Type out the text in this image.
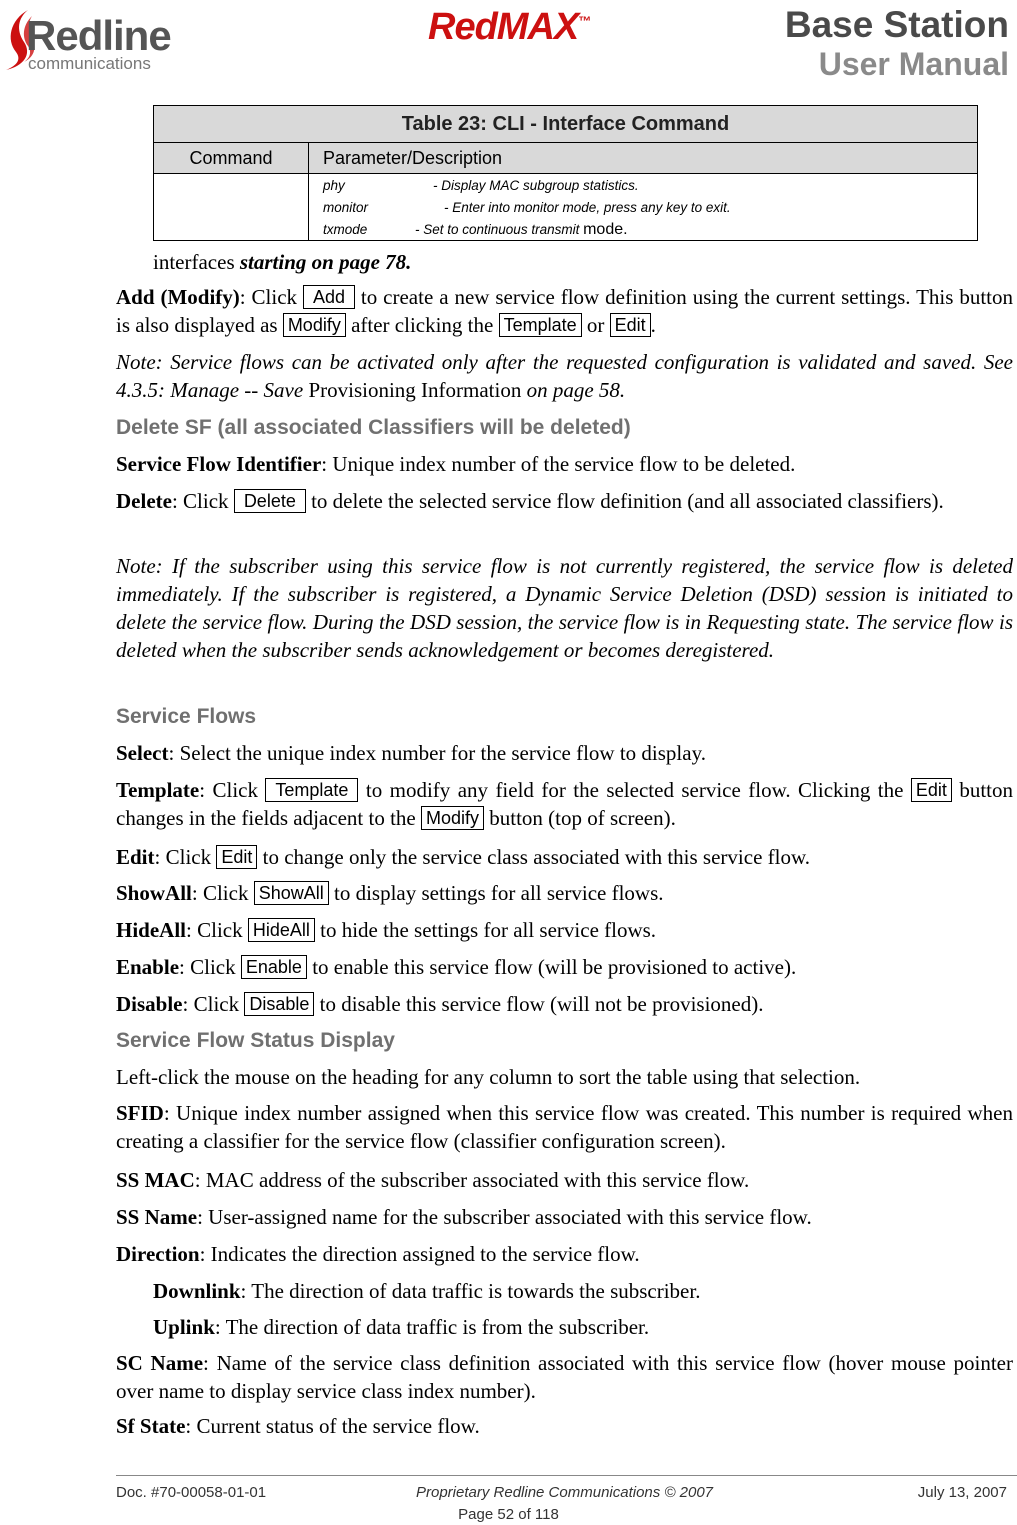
Redline
communications
RedMAX™	Base Station
User Manual
Table 23: CLI - Interface Command
Command	Parameter/Description
phy	- Display MAC subgroup statistics.
monitor	- Enter into monitor mode, press any key to exit.
txmode	- Set to continuous transmit mode.
interfaces starting on page 78.
Add (Modify): Click Add to create a new service flow definition using the current settings. This button is also displayed as Modify after clicking the Template or Edit .
Note: Service flows can be activated only after the requested configuration is validated and saved. See 4.3.5: Manage -- Save Provisioning Information on page 58.
Delete SF (all associated Classifiers will be deleted)
Service Flow Identifier: Unique index number of the service flow to be deleted.
Delete: Click Delete to delete the selected service flow definition (and all associated classifiers).
Note: If the subscriber using this service flow is not currently registered, the service flow is deleted immediately. If the subscriber is registered, a Dynamic Service Deletion (DSD) session is initiated to delete the service flow. During the DSD session, the service flow is in Requesting state. The service flow is deleted when the subscriber sends acknowledgement or becomes deregistered.
Service Flows
Select: Select the unique index number for the service flow to display.
Template: Click Template to modify any field for the selected service flow. Clicking the Edit button changes in the fields adjacent to the Modify button (top of screen).
Edit: Click Edit to change only the service class associated with this service flow.
ShowAll: Click ShowAll to display settings for all service flows.
HideAll: Click HideAll to hide the settings for all service flows.
Enable: Click Enable to enable this service flow (will be provisioned to active).
Disable: Click Disable to disable this service flow (will not be provisioned).
Service Flow Status Display
Left-click the mouse on the heading for any column to sort the table using that selection.
SFID: Unique index number assigned when this service flow was created. This number is required when creating a classifier for the service flow (classifier configuration screen).
SS MAC: MAC address of the subscriber associated with this service flow.
SS Name: User-assigned name for the subscriber associated with this service flow.
Direction: Indicates the direction assigned to the service flow.
Downlink: The direction of data traffic is towards the subscriber.
Uplink: The direction of data traffic is from the subscriber.
SC Name: Name of the service class definition associated with this service flow (hover mouse pointer over name to display service class index number).
Sf State: Current status of the service flow.
Doc. #70-00058-01-01	Proprietary Redline Communications © 2007	July 13, 2007
Page 52 of 118
